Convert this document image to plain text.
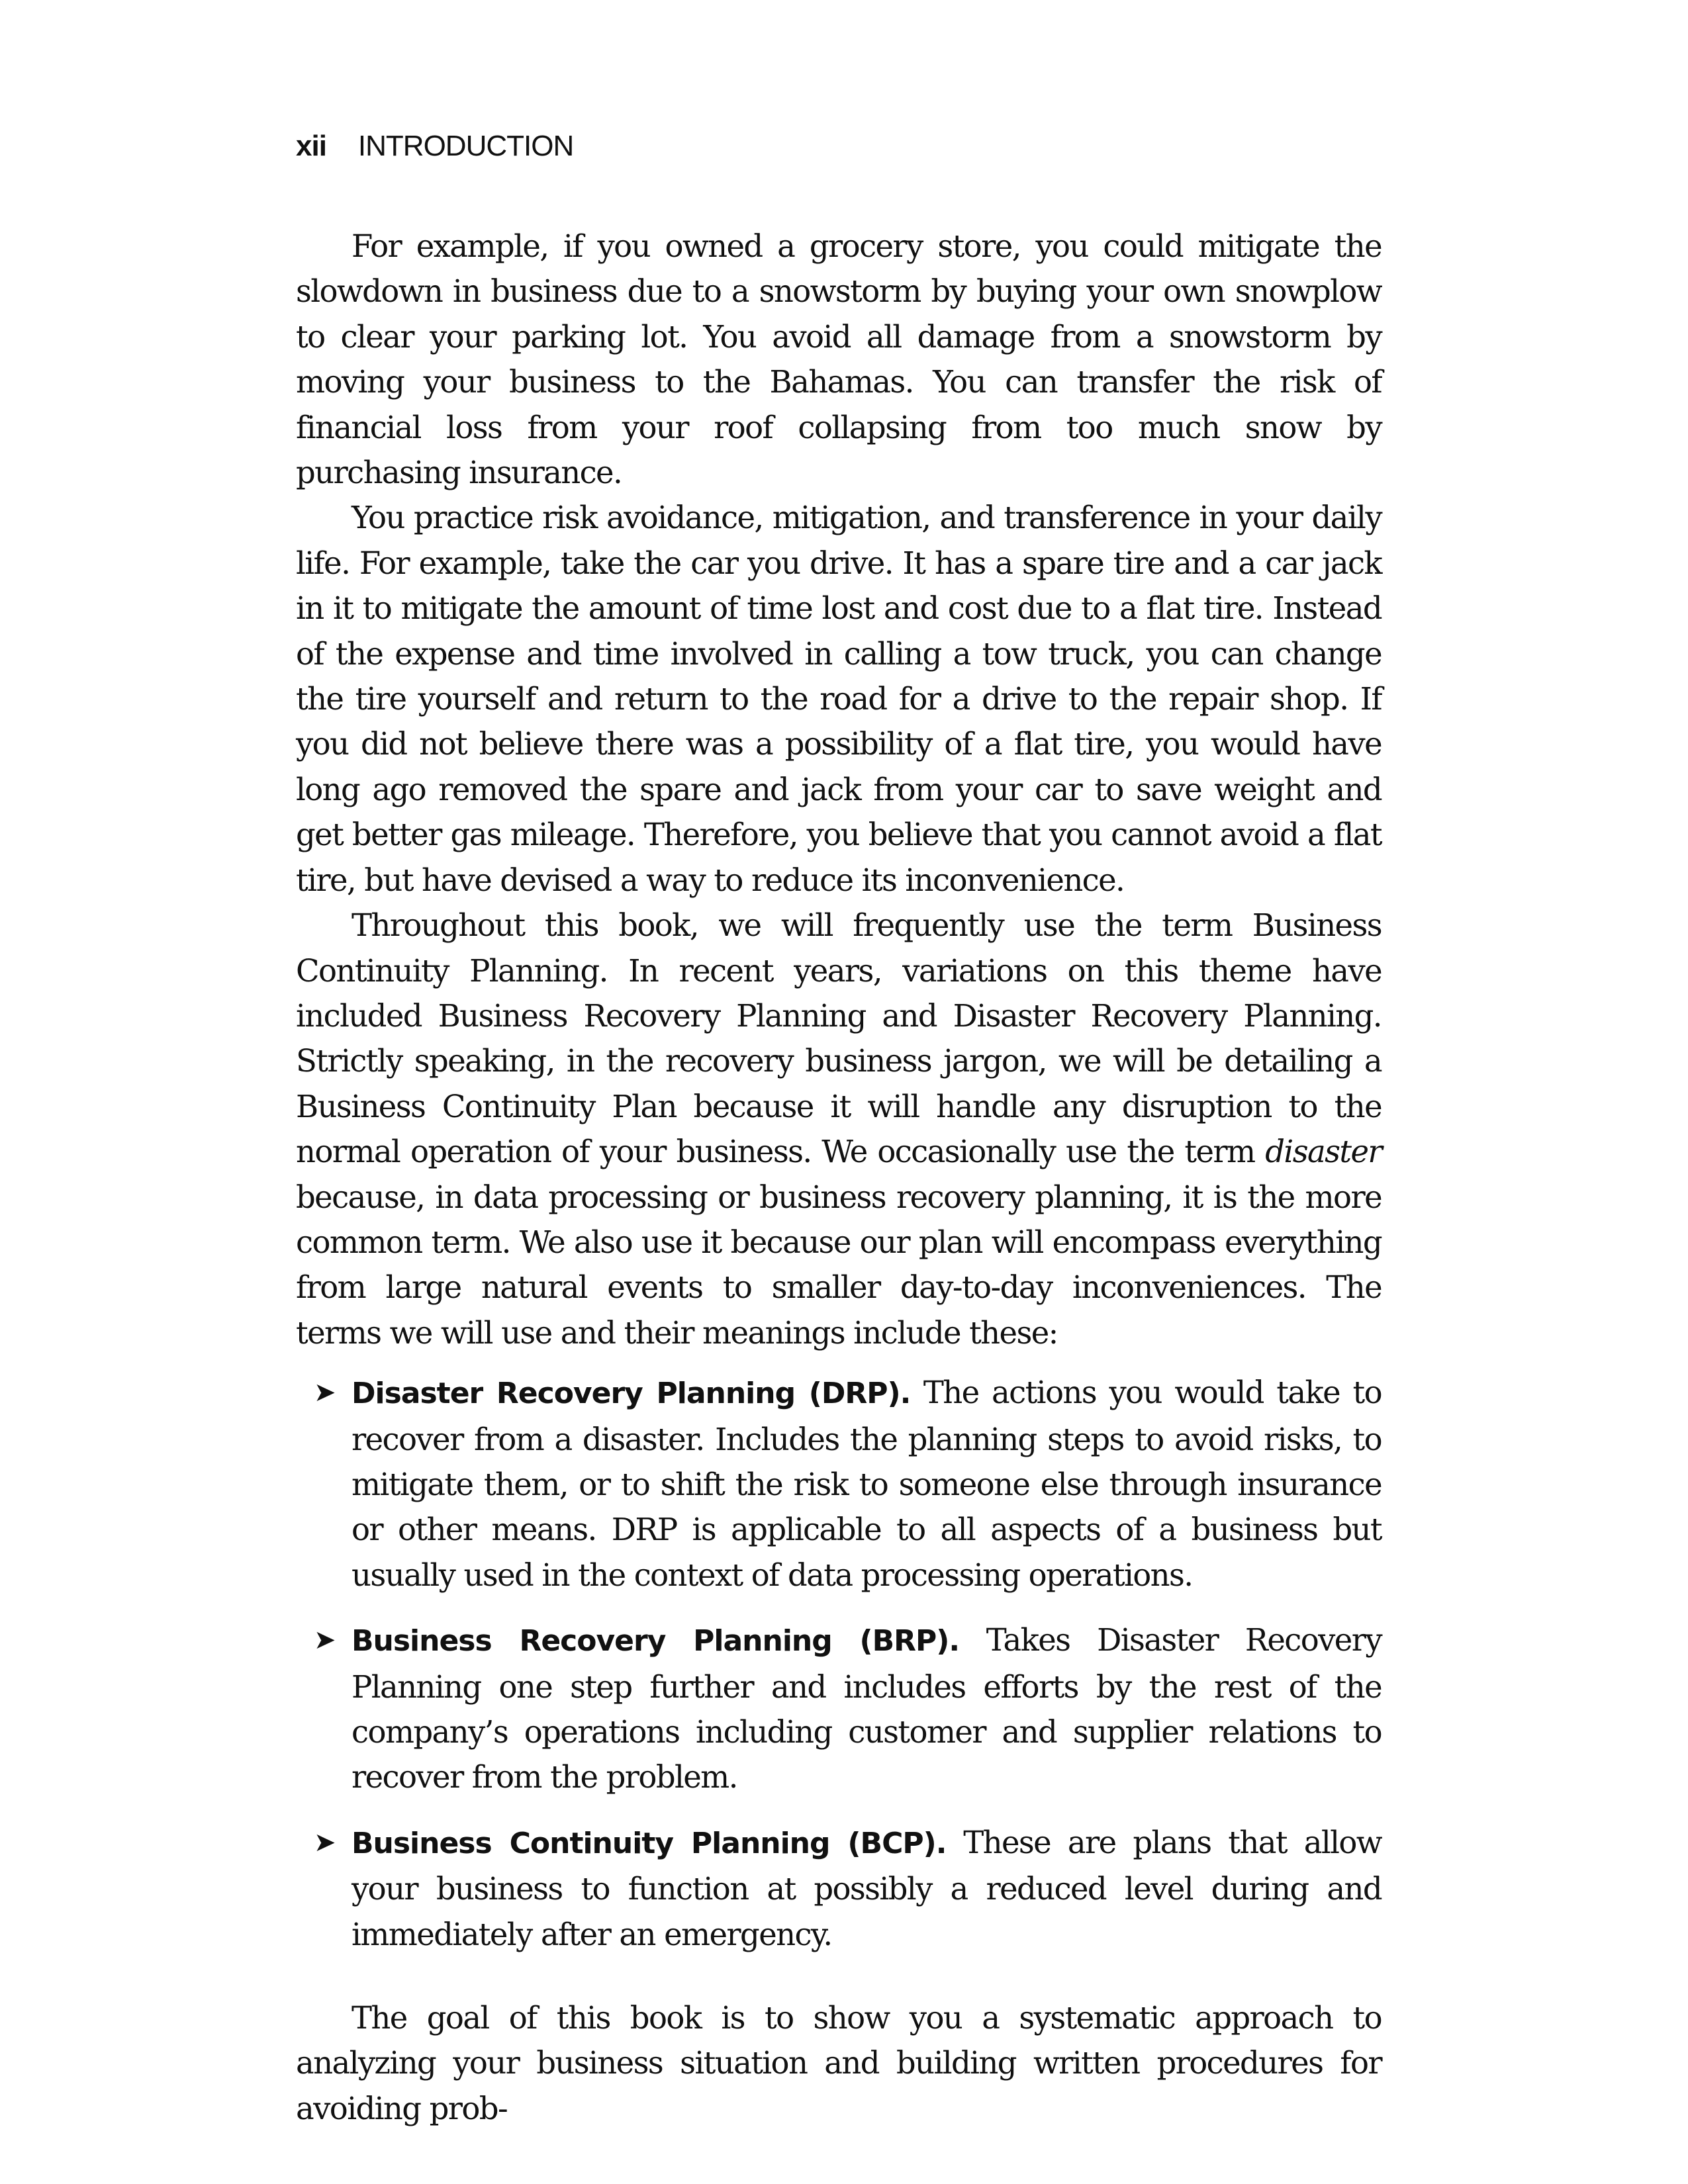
xii INTRODUCTION

For example, if you owned a grocery store, you could mitigate the slowdown in business due to a snowstorm by buying your own snowplow to clear your parking lot. You avoid all damage from a snowstorm by moving your business to the Bahamas. You can transfer the risk of financial loss from your roof collapsing from too much snow by purchasing insurance.

You practice risk avoidance, mitigation, and transference in your daily life. For example, take the car you drive. It has a spare tire and a car jack in it to mitigate the amount of time lost and cost due to a flat tire. Instead of the expense and time involved in calling a tow truck, you can change the tire yourself and return to the road for a drive to the repair shop. If you did not believe there was a possibility of a flat tire, you would have long ago removed the spare and jack from your car to save weight and get better gas mileage. Therefore, you believe that you cannot avoid a flat tire, but have devised a way to reduce its inconvenience.

Throughout this book, we will frequently use the term Business Continuity Planning. In recent years, variations on this theme have included Business Recovery Planning and Disaster Recovery Planning. Strictly speaking, in the recovery business jargon, we will be detailing a Business Continuity Plan because it will handle any disruption to the normal operation of your business. We occasionally use the term disaster because, in data processing or business recovery planning, it is the more common term. We also use it because our plan will encompass everything from large natural events to smaller day-to-day inconveniences. The terms we will use and their meanings include these:

➤ Disaster Recovery Planning (DRP). The actions you would take to recover from a disaster. Includes the planning steps to avoid risks, to mitigate them, or to shift the risk to someone else through insurance or other means. DRP is applicable to all aspects of a business but usually used in the context of data processing operations.
➤ Business Recovery Planning (BRP). Takes Disaster Recovery Planning one step further and includes efforts by the rest of the company’s operations including customer and supplier relations to recover from the problem.
➤ Business Continuity Planning (BCP). These are plans that allow your business to function at possibly a reduced level during and immediately after an emergency.

The goal of this book is to show you a systematic approach to analyzing your business situation and building written procedures for avoiding prob-
